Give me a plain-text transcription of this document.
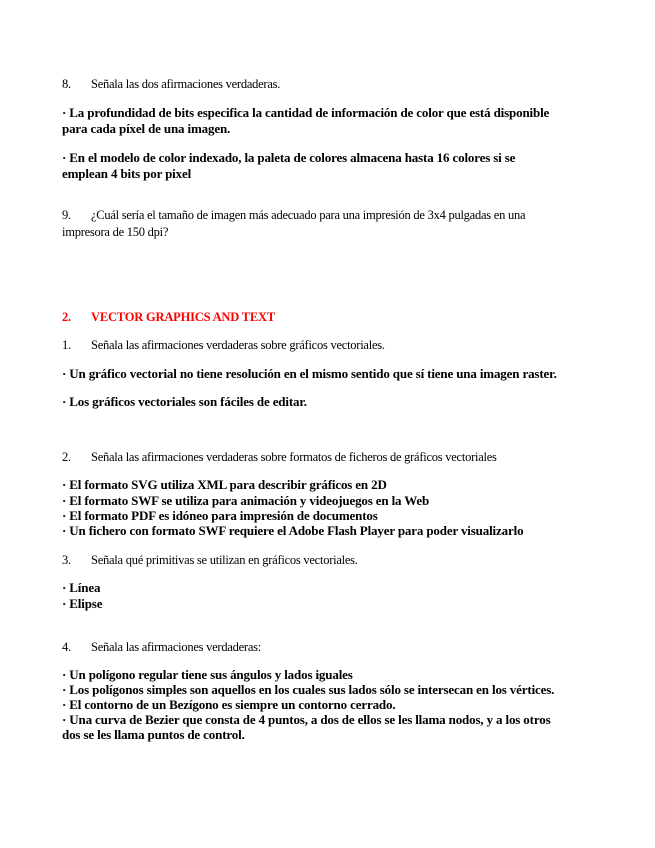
8. Señala las dos afirmaciones verdaderas.
· La profundidad de bits especifica la cantidad de información de color que está disponible
para cada píxel de una imagen.
· En el modelo de color indexado, la paleta de colores almacena hasta 16 colores si se
emplean 4 bits por pixel
9. ¿Cuál sería el tamaño de imagen más adecuado para una impresión de 3x4 pulgadas en una
impresora de 150 dpi?
2. VECTOR GRAPHICS AND TEXT
1. Señala las afirmaciones verdaderas sobre gráficos vectoriales.
· Un gráfico vectorial no tiene resolución en el mismo sentido que sí tiene una imagen raster.
· Los gráficos vectoriales son fáciles de editar.
2. Señala las afirmaciones verdaderas sobre formatos de ficheros de gráficos vectoriales
· El formato SVG utiliza XML para describir gráficos en 2D
· El formato SWF se utiliza para animación y videojuegos en la Web
· El formato PDF es idóneo para impresión de documentos
· Un fichero con formato SWF requiere el Adobe Flash Player para poder visualizarlo
3. Señala qué primitivas se utilizan en gráficos vectoriales.
· Línea
· Elipse
4. Señala las afirmaciones verdaderas:
· Un polígono regular tiene sus ángulos y lados iguales
· Los polígonos simples son aquellos en los cuales sus lados sólo se intersecan en los vértices.
· El contorno de un Bezígono es siempre un contorno cerrado.
· Una curva de Bezier que consta de 4 puntos, a dos de ellos se les llama nodos, y a los otros
dos se les llama puntos de control.
